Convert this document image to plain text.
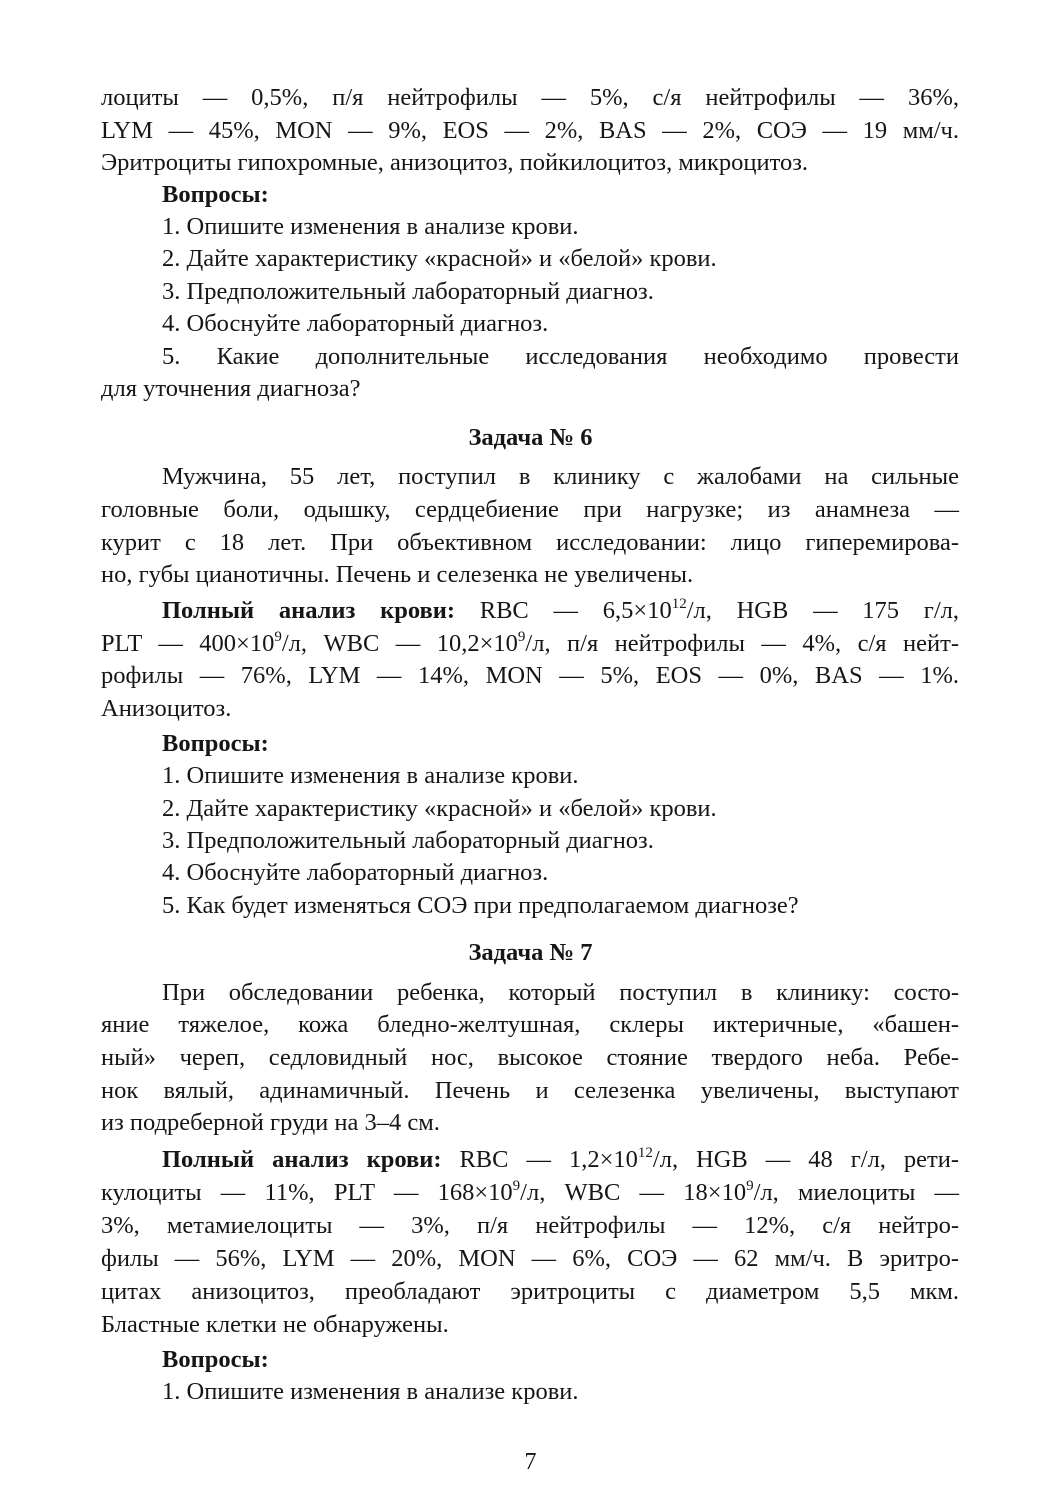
лоциты — 0,5%, п/я нейтрофилы — 5%, с/я нейтрофилы — 36%,
LYM — 45%, MON — 9%, EOS — 2%, BAS — 2%, СОЭ — 19 мм/ч.
Эритроциты гипохромные, анизоцитоз, пойкилоцитоз, микроцитоз.
Вопросы:
1. Опишите изменения в анализе крови.
2. Дайте характеристику «красной» и «белой» крови.
3. Предположительный лабораторный диагноз.
4. Обоснуйте лабораторный диагноз.
5. Какие дополнительные исследования необходимо провести
для уточнения диагноза?
Задача № 6
Мужчина, 55 лет, поступил в клинику с жалобами на сильные
головные боли, одышку, сердцебиение при нагрузке; из анамнеза —
курит с 18 лет. При объективном исследовании: лицо гиперемирова-
но, губы цианотичны. Печень и селезенка не увеличены.
Полный анализ крови: RBC — $6,5\times 10^{12}/л$, HGB — 175 г/л,
PLT — $400\times 10^9/л$, WBC — $10,2\times 10^9/л$, п/я нейтрофилы — 4%, с/я нейт-
рофилы — 76%, LYM — 14%, MON — 5%, EOS — 0%, BAS — 1%.
Анизоцитоз.
Вопросы:
1. Опишите изменения в анализе крови.
2. Дайте характеристику «красной» и «белой» крови.
3. Предположительный лабораторный диагноз.
4. Обоснуйте лабораторный диагноз.
5. Как будет изменяться СОЭ при предполагаемом диагнозе?
Задача № 7
При обследовании ребенка, который поступил в клинику: состо-
яние тяжелое, кожа бледно-желтушная, склеры иктеричные, «башен-
ный» череп, седловидный нос, высокое стояние твердого неба. Ребе-
нок вялый, адинамичный. Печень и селезенка увеличены, выступают
из подреберной груди на 3–4 см.
Полный анализ крови: RBC — $1,2\times 10^{12}/л$, HGB — 48 г/л, рети-
кулоциты — 11%, PLT — $168\times 10^9/л$, WBC — $18\times 10^9/л$, миелоциты —
3%, метамиелоциты — 3%, п/я нейтрофилы — 12%, с/я нейтро-
филы — 56%, LYM — 20%, MON — 6%, СОЭ — 62 мм/ч. В эритро-
цитах анизоцитоз, преобладают эритроциты с диаметром 5,5 мкм.
Бластные клетки не обнаружены.
Вопросы:
1. Опишите изменения в анализе крови.
7
